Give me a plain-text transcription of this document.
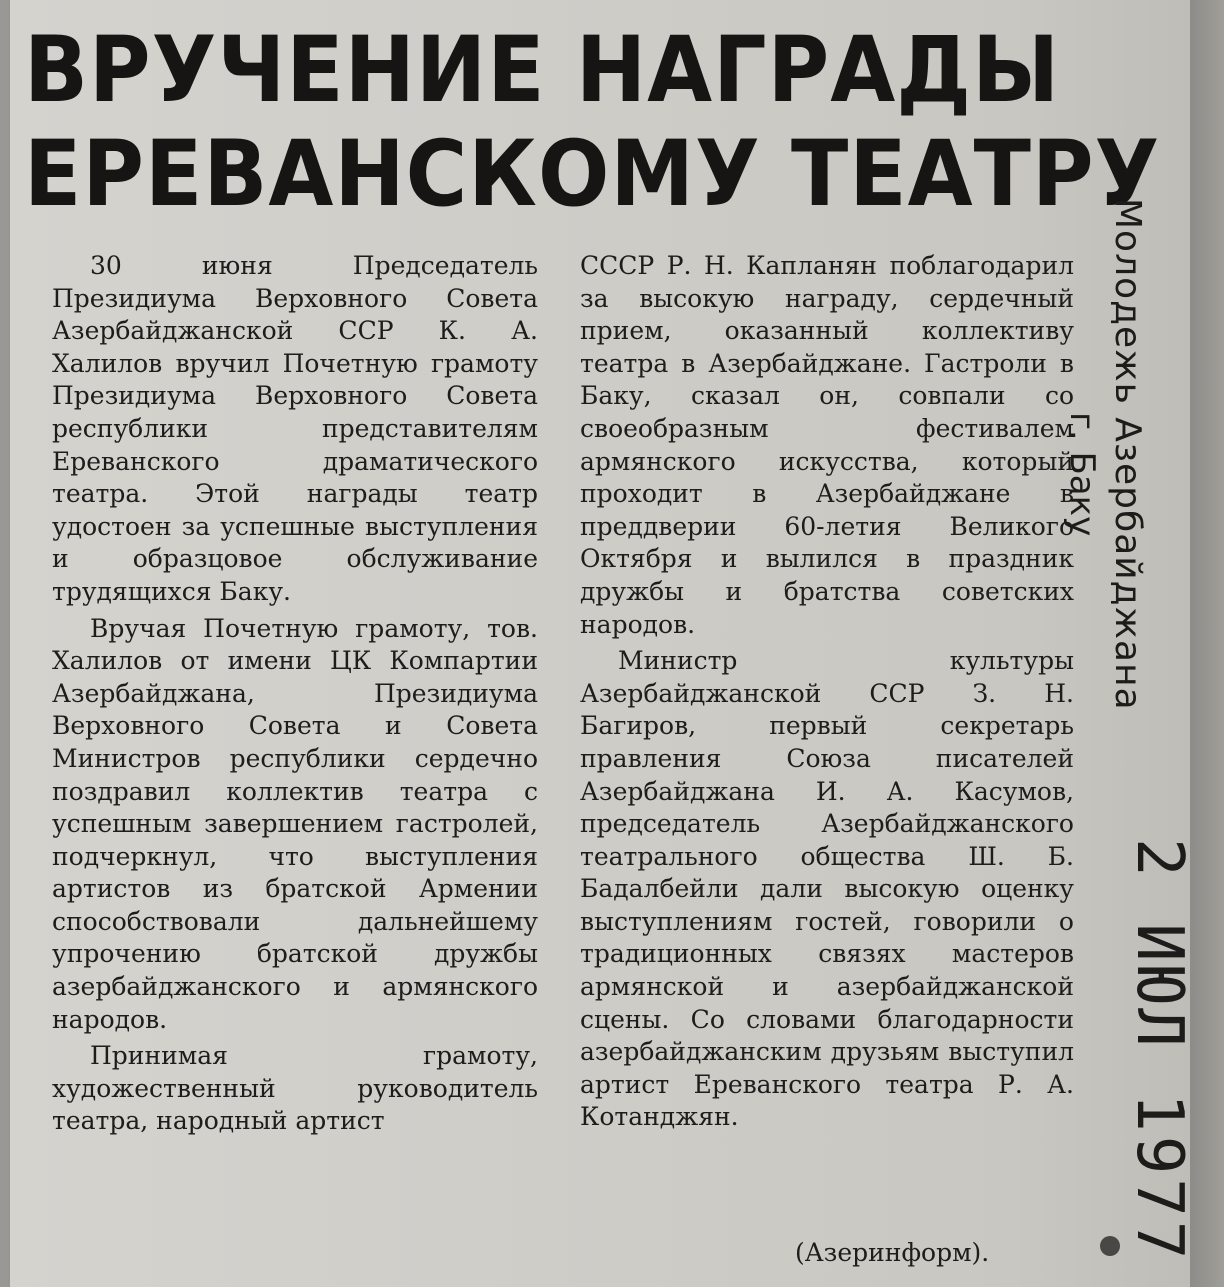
ВРУЧЕНИЕ НАГРАДЫ
ЕРЕВАНСКОМУ ТЕАТРУ

30 июня Председатель Президиума Верховного Совета Азербайджанской ССР К. А. Халилов вручил Почетную грамоту Президиума Верховного Совета республики представителям Ереванского драматического театра. Этой награды театр удостоен за успешные выступления и образцовое обслуживание трудящихся Баку.

Вручая Почетную грамоту, тов. Халилов от имени ЦК Компартии Азербайджана, Президиума Верховного Совета и Совета Министров республики сердечно поздравил коллектив театра с успешным завершением гастролей, подчеркнул, что выступления артистов из братской Армении способствовали дальнейшему упрочению братской дружбы азербайджанского и армянского народов.

Принимая грамоту, художественный руководитель театра, народный артист

СССР Р. Н. Капланян поблагодарил за высокую награду, сердечный прием, оказанный коллективу театра в Азербайджане. Гастроли в Баку, сказал он, совпали со своеобразным фестивалем армянского искусства, который проходит в Азербайджане в преддверии 60-летия Великого Октября и вылился в праздник дружбы и братства советских народов.

Министр культуры Азербайджанской ССР З. Н. Багиров, первый секретарь правления Союза писателей Азербайджана И. А. Касумов, председатель Азербайджанского театрального общества Ш. Б. Бадалбейли дали высокую оценку выступлениям гостей, говорили о традиционных связях мастеров армянской и азербайджанской сцены. Со словами благодарности азербайджанским друзьям выступил артист Ереванского театра Р. А. Котанджян.

(Азеринформ).
Молодежь Азербайджана
г. Баку
2 ИЮЛ 1977
